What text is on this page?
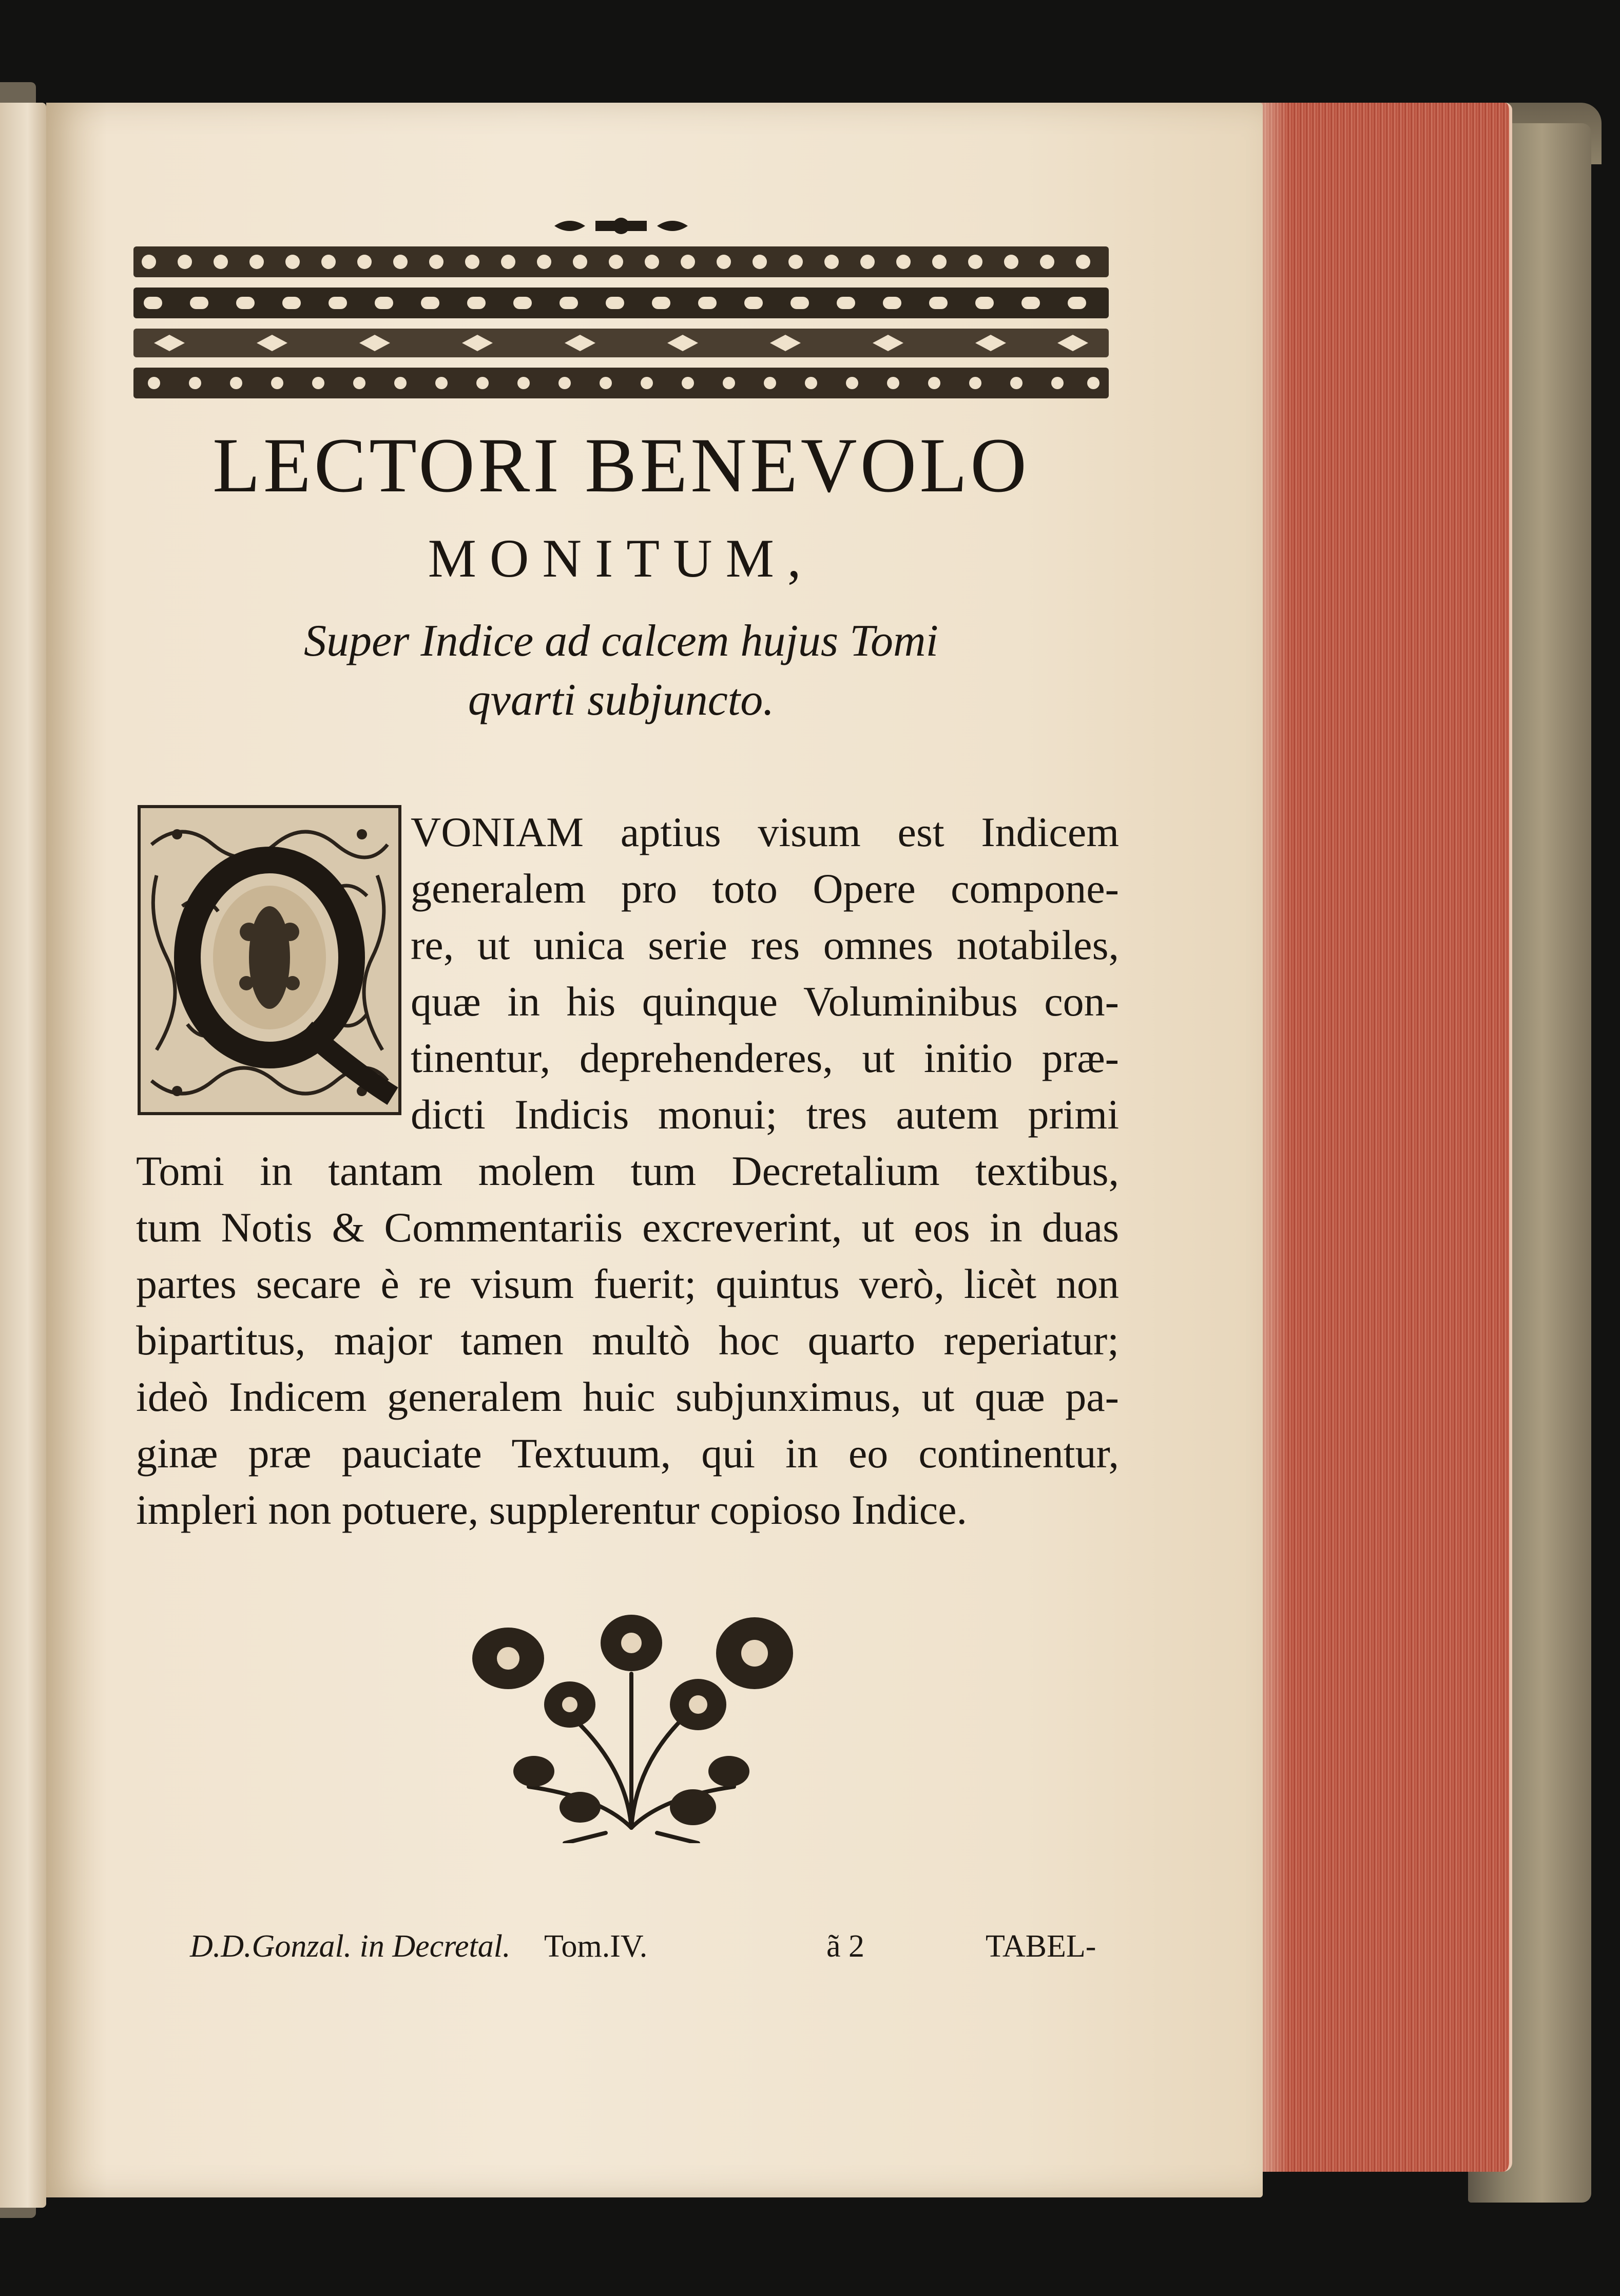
LECTORI BENEVOLO
MONITUM,
Super Indice ad calcem hujus Tomi
qvarti subjuncto.
VONIAM aptius visum est Indicem
generalem pro toto Opere compone-
re, ut unica serie res omnes notabiles,
quæ in his quinque Voluminibus con-
tinentur, deprehenderes, ut initio præ-
dicti Indicis monui; tres autem primi
Tomi in tantam molem tum Decretalium textibus,
tum Notis & Commentariis excreverint, ut eos in duas
partes secare è re visum fuerit; quintus verò, licèt non
bipartitus, major tamen multò hoc quarto reperiatur;
ideò Indicem generalem huic subjunximus, ut quæ pa-
ginæ præ pauciate Textuum, qui in eo continentur,
impleri non potuere, supplerentur copioso Indice.
D.D.Gonzal. in Decretal. Tom.IV.	ã 2	TABEL-
